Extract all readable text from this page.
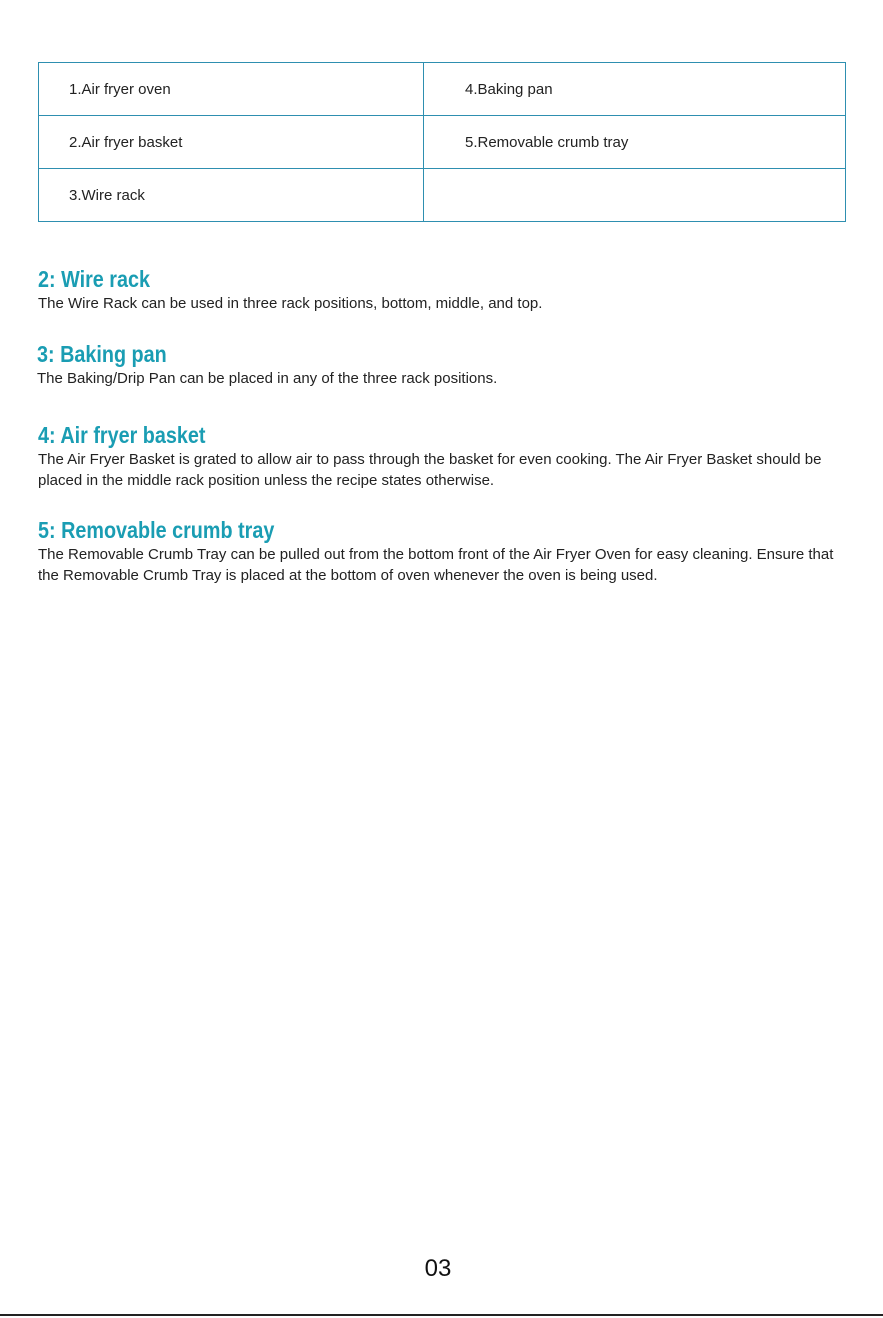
1.Air fryer oven	4.Baking pan
2.Air fryer basket	5.Removable crumb tray
3.Wire rack	
2: Wire rack

The Wire Rack can be used in three rack positions, bottom, middle, and top.

3: Baking pan

The Baking/Drip Pan can be placed in any of the three rack positions.

4: Air fryer basket

The Air Fryer Basket is grated to allow air to pass through the basket for even cooking. The Air Fryer Basket should be placed in the middle rack position unless the recipe states otherwise.

5: Removable crumb tray

The Removable Crumb Tray can be pulled out from the bottom front of the Air Fryer Oven for easy cleaning. Ensure that the Removable Crumb Tray is placed at the bottom of oven whenever the oven is being used.

03
